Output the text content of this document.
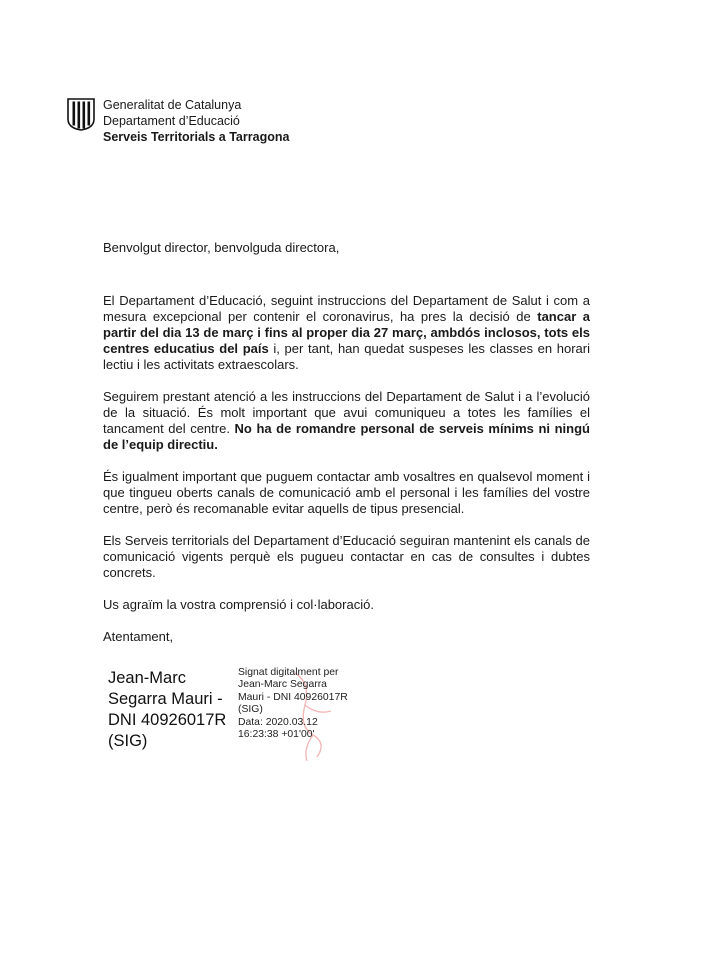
Generalitat de Catalunya
Departament d’Educació
Serveis Territorials a Tarragona

Benvolgut director, benvolguda directora,

El Departament d’Educació, seguint instruccions del Departament de Salut i com a mesura excepcional per contenir el coronavirus, ha pres la decisió de tancar a partir del dia 13 de març i fins al proper dia 27 març, ambdós inclosos, tots els centres educatius del país i, per tant, han quedat suspeses les classes en horari lectiu i les activitats extraescolars.

Seguirem prestant atenció a les instruccions del Departament de Salut i a l’evolució de la situació. És molt important que avui comuniqueu a totes les famílies el tancament del centre. No ha de romandre personal de serveis mínims ni ningú de l’equip directiu.

És igualment important que puguem contactar amb vosaltres en qualsevol moment i que tingueu oberts canals de comunicació amb el personal i les famílies del vostre centre, però és recomanable evitar aquells de tipus presencial.

Els Serveis territorials del Departament d’Educació seguiran mantenint els canals de comunicació vigents perquè els pugueu contactar en cas de consultes i dubtes concrets.

Us agraïm la vostra comprensió i col·laboració.

Atentament,

Jean-Marc
Segarra Mauri -
DNI 40926017R
(SIG)
Signat digitalment per
Jean-Marc Segarra
Mauri - DNI 40926017R
(SIG)
Data: 2020.03.12
16:23:38 +01'00'
